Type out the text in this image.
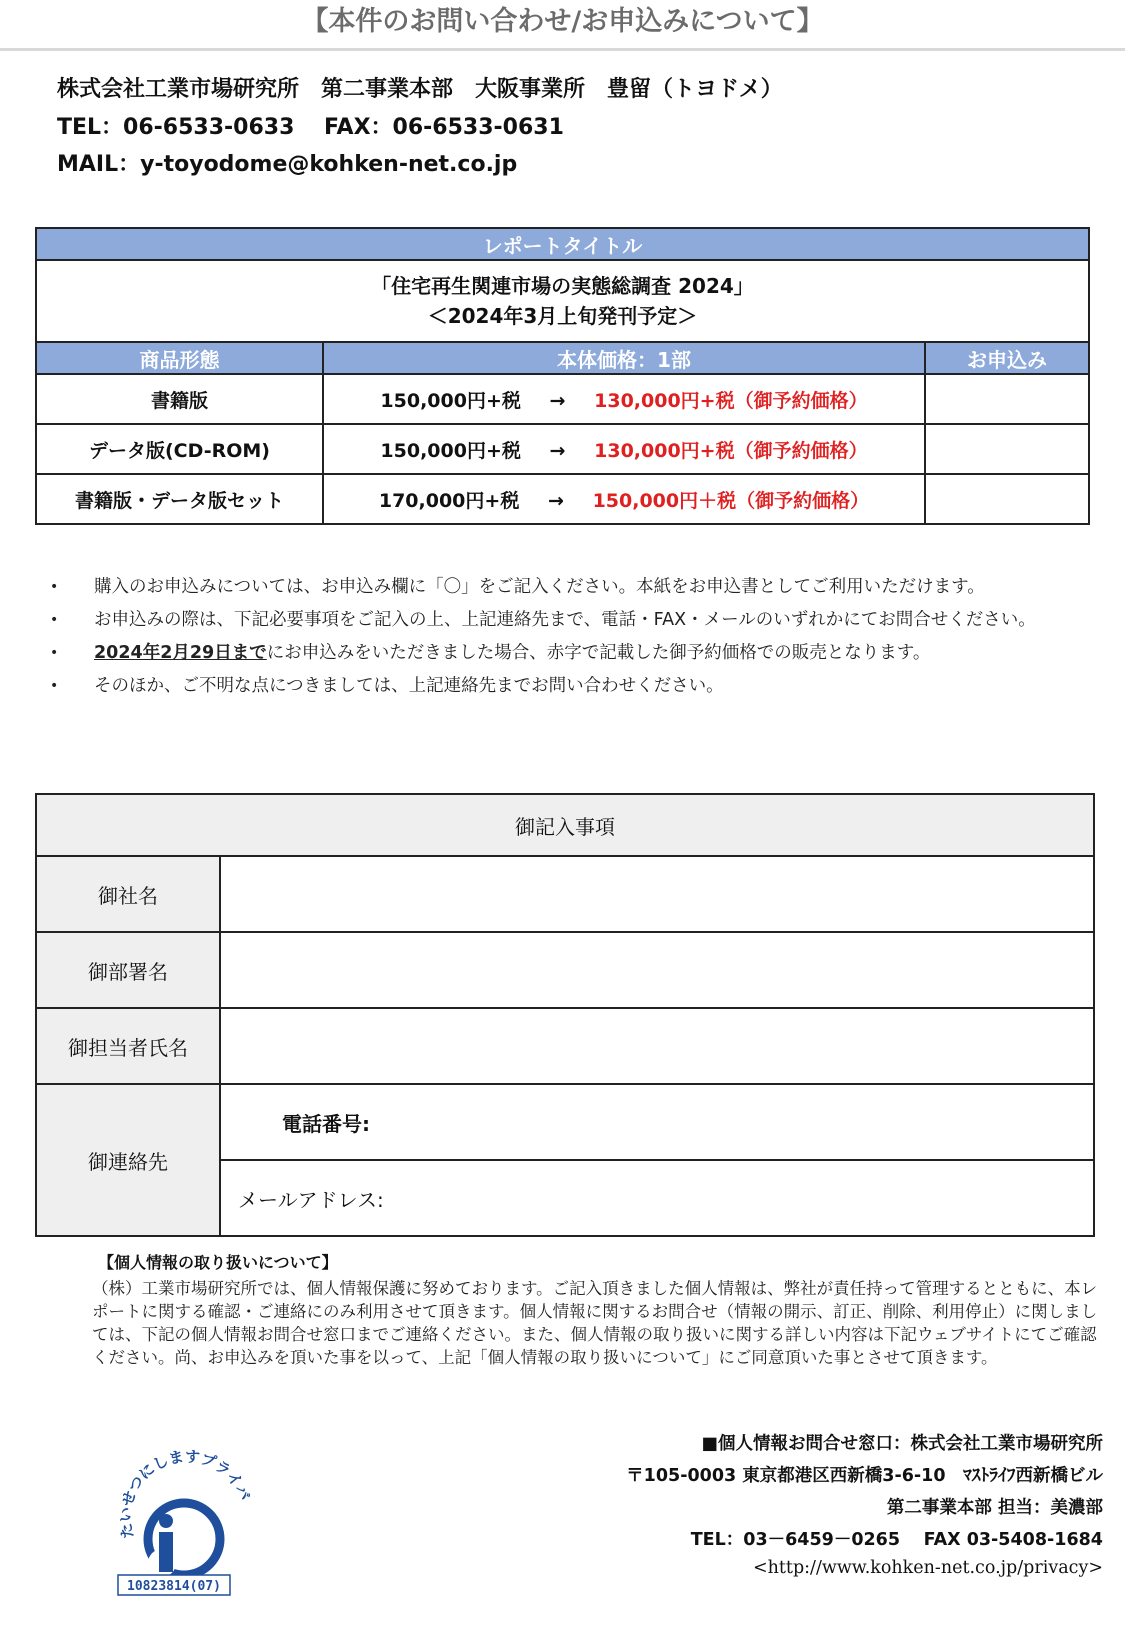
【本件のお問い合わせ/お申込みについて】
株式会社工業市場研究所　第二事業本部　大阪事業所　豊留（トヨドメ）
TEL：06-6533-0633　 FAX：06-6533-0631
MAIL：y-toyodome@kohken-net.co.jp
レポートタイトル		

「住宅再生関連市場の実態総調査 2024」
＜2024年3月上旬発刊予定＞		

商品形態	本体価格：1部	お申込み
書籍版	150,000円+税 → 130,000円+税（御予約価格）	
データ版(CD-ROM)	150,000円+税 → 130,000円+税（御予約価格）	
書籍版・データ版セット	170,000円+税 → 150,000円＋税（御予約価格）	
• 購入のお申込みについては、お申込み欄に「〇」をご記入ください。本紙をお申込書としてご利用いただけます。
• お申込みの際は、下記必要事項をご記入の上、上記連絡先まで、電話・FAX・メールのいずれかにてお問合せください。
• 2024年2月29日までにお申込みをいただきました場合、赤字で記載した御予約価格での販売となります。
• そのほか、ご不明な点につきましては、上記連絡先までお問い合わせください。
御記入事項	
御社名	
御部署名	
御担当者氏名	
御連絡先	電話番号:
	メールアドレス:
【個人情報の取り扱いについて】
（株）工業市場研究所では、個人情報保護に努めております。ご記入頂きました個人情報は、弊社が責任持って管理するとともに、本レポートに関する確認・ご連絡にのみ利用させて頂きます。個人情報に関するお問合せ（情報の開示、訂正、削除、利用停止）に関しましては、下記の個人情報お問合せ窓口までご連絡ください。また、個人情報の取り扱いに関する詳しい内容は下記ウェブサイトにてご確認ください。尚、お申込みを頂いた事を以って、上記「個人情報の取り扱いについて」にご同意頂いた事とさせて頂きます。
たいせつにしますプライバ
10823814(07)
■個人情報お問合せ窓口：株式会社工業市場研究所
〒105-0003 東京都港区西新橋3-6-10　ﾏｽﾄﾗｲﾌ西新橋ビル
第二事業本部 担当：美濃部
TEL：03－6459－0265　 FAX 03-5408-1684
<http://www.kohken-net.co.jp/privacy>
